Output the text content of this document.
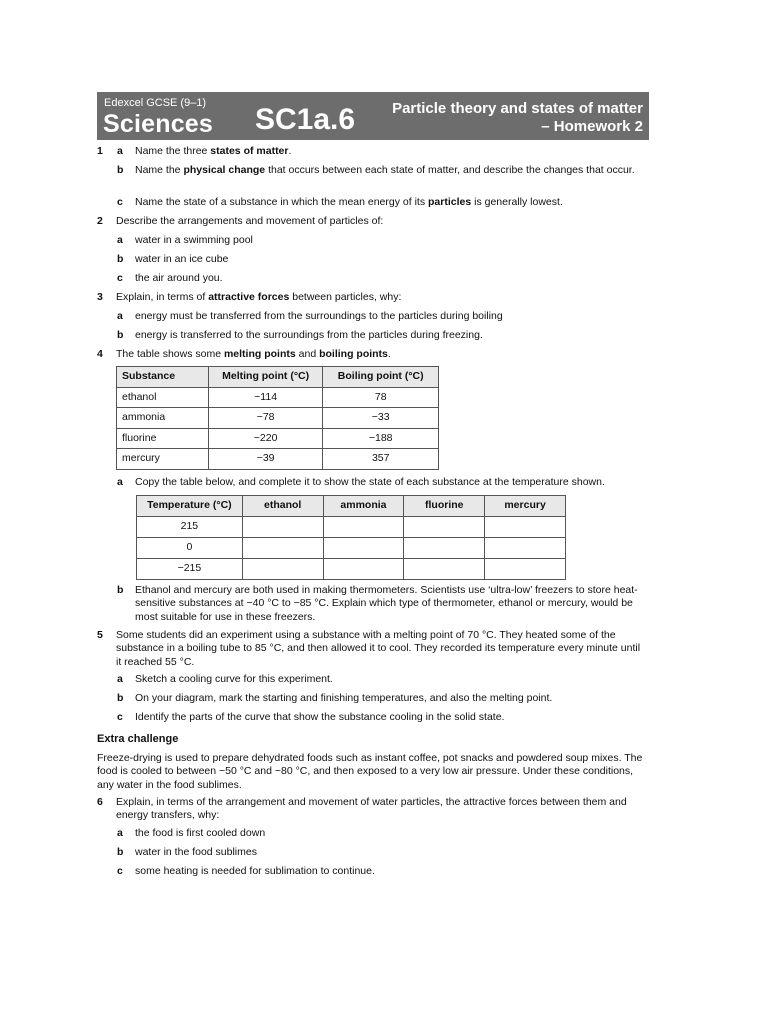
Edexcel GCSE (9–1)
Sciences SC1a.6	Particle theory and states of matter – Homework 2
1 a Name the three states of matter.
b Name the physical change that occurs between each state of matter, and describe the changes that occur.
c Name the state of a substance in which the mean energy of its particles is generally lowest.
2 Describe the arrangements and movement of particles of:
a water in a swimming pool
b water in an ice cube
c the air around you.
3 Explain, in terms of attractive forces between particles, why:
a energy must be transferred from the surroundings to the particles during boiling
b energy is transferred to the surroundings from the particles during freezing.
4 The table shows some melting points and boiling points.
Substance	Melting point (°C)	Boiling point (°C)
ethanol	−114	78
ammonia	−78	−33
fluorine	−220	−188
mercury	−39	357
a Copy the table below, and complete it to show the state of each substance at the temperature shown.
Temperature (°C)	ethanol	ammonia	fluorine	mercury
215				
0				
−215				
b Ethanol and mercury are both used in making thermometers. Scientists use ‘ultra-low’ freezers to store heat-sensitive substances at −40 °C to −85 °C. Explain which type of thermometer, ethanol or mercury, would be most suitable for use in these freezers.
5 Some students did an experiment using a substance with a melting point of 70 °C. They heated some of the substance in a boiling tube to 85 °C, and then allowed it to cool. They recorded its temperature every minute until it reached 55 °C.
a Sketch a cooling curve for this experiment.
b On your diagram, mark the starting and finishing temperatures, and also the melting point.
c Identify the parts of the curve that show the substance cooling in the solid state.
Extra challenge
Freeze-drying is used to prepare dehydrated foods such as instant coffee, pot snacks and powdered soup mixes. The food is cooled to between −50 °C and −80 °C, and then exposed to a very low air pressure. Under these conditions, any water in the food sublimes.
6 Explain, in terms of the arrangement and movement of water particles, the attractive forces between them and energy transfers, why:
a the food is first cooled down
b water in the food sublimes
c some heating is needed for sublimation to continue.
